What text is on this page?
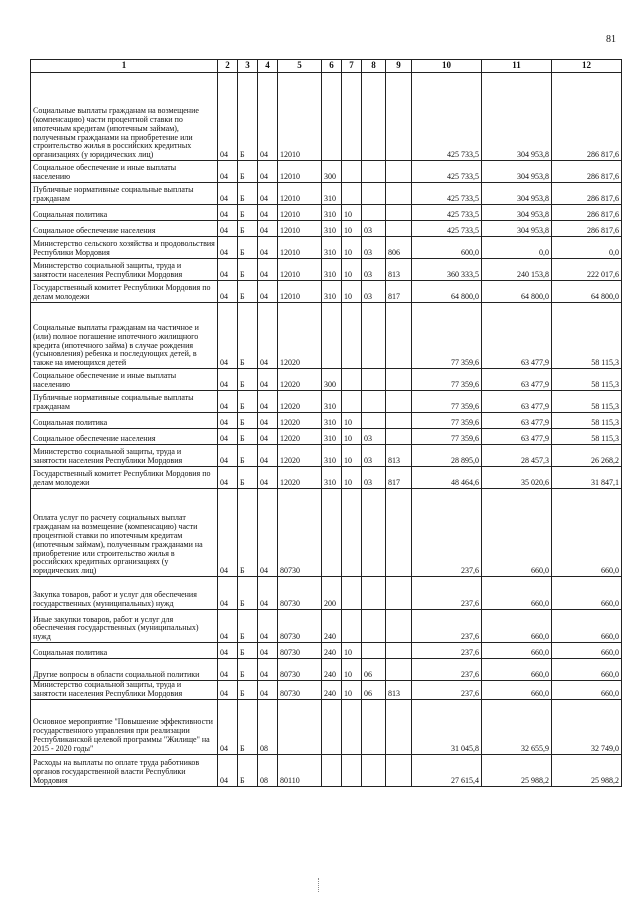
81
1	2	3	4	5	6	7	8	9	10	11	12
Социальные выплаты гражданам на возмещение (компенсацию) части процентной ставки по ипотечным кредитам (ипотечным займам), полученным гражданами на приобретение или строительство жилья в российских кредитных организациях (у юридических лиц)	04	Б	04	12010					425 733,5	304 953,8	286 817,6
Социальное обеспечение и иные выплаты населению	04	Б	04	12010	300				425 733,5	304 953,8	286 817,6
Публичные нормативные социальные выплаты гражданам	04	Б	04	12010	310				425 733,5	304 953,8	286 817,6
Социальная политика	04	Б	04	12010	310	10			425 733,5	304 953,8	286 817,6
Социальное обеспечение населения	04	Б	04	12010	310	10	03		425 733,5	304 953,8	286 817,6
Министерство сельского хозяйства и продовольствия Республики Мордовия	04	Б	04	12010	310	10	03	806	600,0	0,0	0,0
Министерство социальной защиты, труда и занятости населения Республики Мордовия	04	Б	04	12010	310	10	03	813	360 333,5	240 153,8	222 017,6
Государственный комитет Республики Мордовия по делам молодежи	04	Б	04	12010	310	10	03	817	64 800,0	64 800,0	64 800,0
Социальные выплаты гражданам на частичное и (или) полное погашение ипотечного жилищного кредита (ипотечного займа) в случае рождения (усыновления) ребенка и последующих детей, в также на имеющихся детей	04	Б	04	12020					77 359,6	63 477,9	58 115,3
Социальное обеспечение и иные выплаты населению	04	Б	04	12020	300				77 359,6	63 477,9	58 115,3
Публичные нормативные социальные выплаты гражданам	04	Б	04	12020	310				77 359,6	63 477,9	58 115,3
Социальная политика	04	Б	04	12020	310	10			77 359,6	63 477,9	58 115,3
Социальное обеспечение населения	04	Б	04	12020	310	10	03		77 359,6	63 477,9	58 115,3
Министерство социальной защиты, труда и занятости населения Республики Мордовия	04	Б	04	12020	310	10	03	813	28 895,0	28 457,3	26 268,2
Государственный комитет Республики Мордовия по делам молодежи	04	Б	04	12020	310	10	03	817	48 464,6	35 020,6	31 847,1
Оплата услуг по расчету социальных выплат гражданам на возмещение (компенсацию) части процентной ставки по ипотечным кредитам (ипотечным займам), полученным гражданами на приобретение или строительство жилья в российских кредитных организациях (у юридических лиц)	04	Б	04	80730					237,6	660,0	660,0
Закупка товаров, работ и услуг для обеспечения государственных (муниципальных) нужд	04	Б	04	80730	200				237,6	660,0	660,0
Иные закупки товаров, работ и услуг для обеспечения государственных (муниципальных) нужд	04	Б	04	80730	240				237,6	660,0	660,0
Социальная политика	04	Б	04	80730	240	10			237,6	660,0	660,0
Другие вопросы в области социальной политики	04	Б	04	80730	240	10	06		237,6	660,0	660,0
Министерство социальной защиты, труда и занятости населения Республики Мордовия	04	Б	04	80730	240	10	06	813	237,6	660,0	660,0
Основное мероприятие "Повышение эффективности государственного управления при реализации Республиканской целевой программы "Жилище" на 2015 - 2020 годы"	04	Б	08						31 045,8	32 655,9	32 749,0
Расходы на выплаты по оплате труда работников органов государственной власти Республики Мордовия	04	Б	08	80110					27 615,4	25 988,2	25 988,2
